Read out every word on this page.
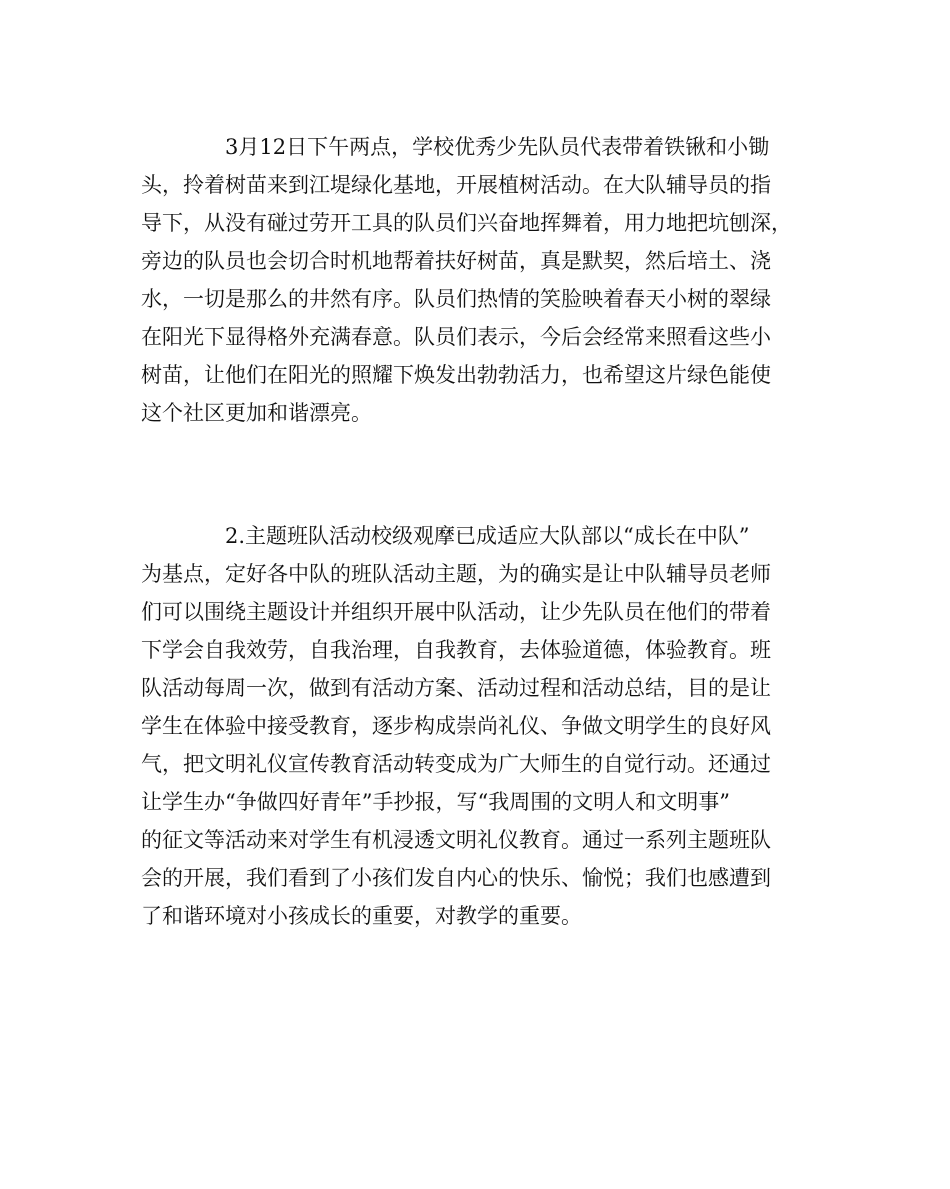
3月12日下午两点，学校优秀少先队员代表带着铁锹和小锄
头，拎着树苗来到江堤绿化基地，开展植树活动。在大队辅导员的指
导下，从没有碰过劳开工具的队员们兴奋地挥舞着，用力地把坑刨深，
旁边的队员也会切合时机地帮着扶好树苗，真是默契，然后培土、浇
水，一切是那么的井然有序。队员们热情的笑脸映着春天小树的翠绿
在阳光下显得格外充满春意。队员们表示，今后会经常来照看这些小
树苗，让他们在阳光的照耀下焕发出勃勃活力，也希望这片绿色能使
这个社区更加和谐漂亮。
2.主题班队活动校级观摩已成适应大队部以“成长在中队”
为基点，定好各中队的班队活动主题，为的确实是让中队辅导员老师
们可以围绕主题设计并组织开展中队活动，让少先队员在他们的带着
下学会自我效劳，自我治理，自我教育，去体验道德，体验教育。班
队活动每周一次，做到有活动方案、活动过程和活动总结，目的是让
学生在体验中接受教育，逐步构成崇尚礼仪、争做文明学生的良好风
气，把文明礼仪宣传教育活动转变成为广大师生的自觉行动。还通过
让学生办“争做四好青年”手抄报，写“我周围的文明人和文明事”
的征文等活动来对学生有机浸透文明礼仪教育。通过一系列主题班队
会的开展，我们看到了小孩们发自内心的快乐、愉悦；我们也感遭到
了和谐环境对小孩成长的重要，对教学的重要。
